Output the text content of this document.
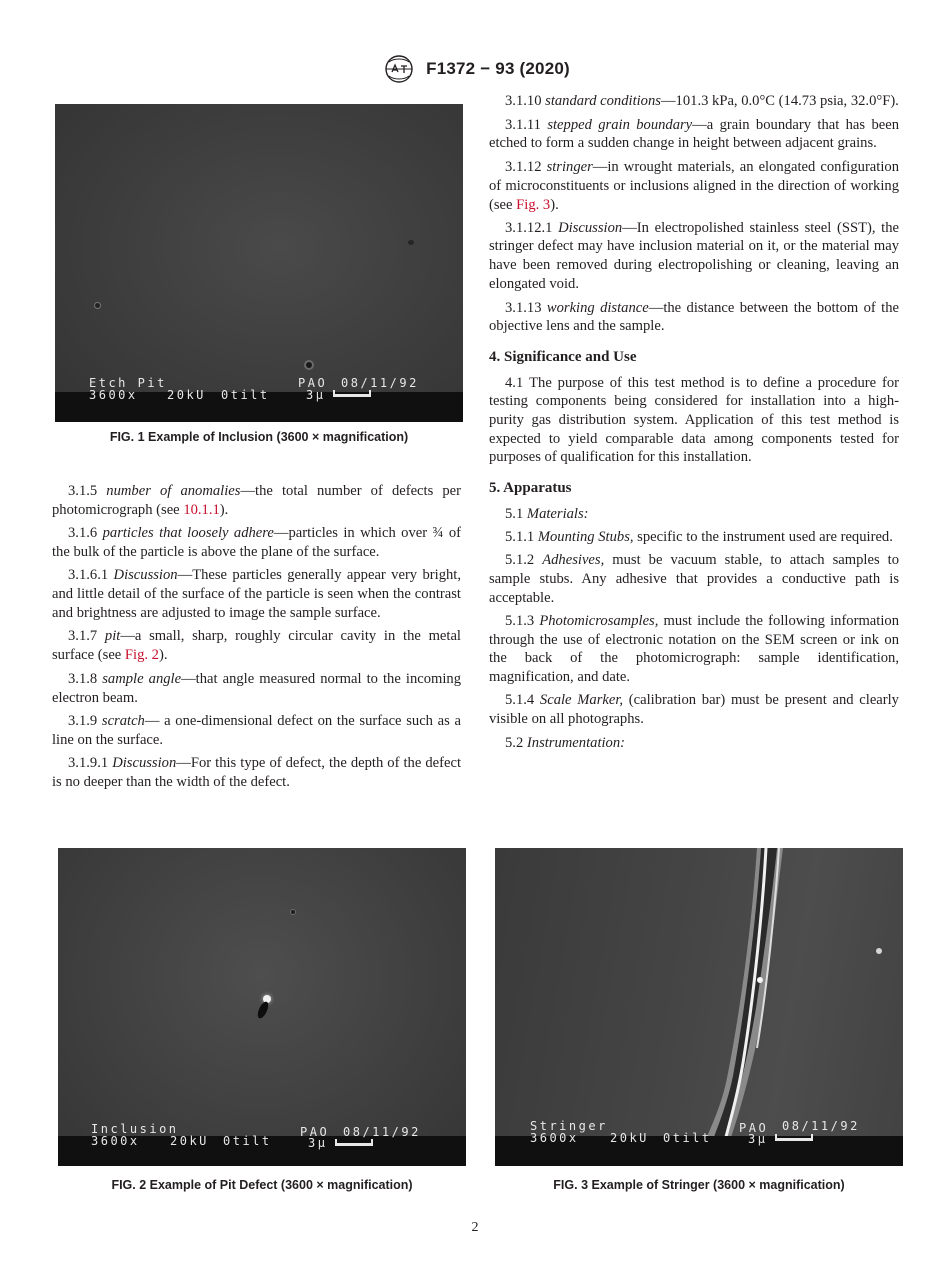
F1372 − 93 (2020)
Etch Pit
3600x 20kU 0tilt
PAO 08/11/92
3μ
FIG. 1 Example of Inclusion (3600 × magnification)

3.1.5 number of anomalies—the total number of defects per photomicrograph (see 10.1.1).

3.1.6 particles that loosely adhere—particles in which over ¾ of the bulk of the particle is above the plane of the surface.

3.1.6.1 Discussion—These particles generally appear very bright, and little detail of the surface of the particle is seen when the contrast and brightness are adjusted to image the sample surface.

3.1.7 pit—a small, sharp, roughly circular cavity in the metal surface (see Fig. 2).

3.1.8 sample angle—that angle measured normal to the incoming electron beam.

3.1.9 scratch— a one-dimensional defect on the surface such as a line on the surface.

3.1.9.1 Discussion—For this type of defect, the depth of the defect is no deeper than the width of the defect.

3.1.10 standard conditions—101.3 kPa, 0.0°C (14.73 psia, 32.0°F).

3.1.11 stepped grain boundary—a grain boundary that has been etched to form a sudden change in height between adjacent grains.

3.1.12 stringer—in wrought materials, an elongated configuration of microconstituents or inclusions aligned in the direction of working (see Fig. 3).

3.1.12.1 Discussion—In electropolished stainless steel (SST), the stringer defect may have inclusion material on it, or the material may have been removed during electropolishing or cleaning, leaving an elongated void.

3.1.13 working distance—the distance between the bottom of the objective lens and the sample.

4. Significance and Use

4.1 The purpose of this test method is to define a procedure for testing components being considered for installation into a high-purity gas distribution system. Application of this test method is expected to yield comparable data among components tested for purposes of qualification for this installation.

5. Apparatus

5.1 Materials:

5.1.1 Mounting Stubs, specific to the instrument used are required.

5.1.2 Adhesives, must be vacuum stable, to attach samples to sample stubs. Any adhesive that provides a conductive path is acceptable.

5.1.3 Photomicrosamples, must include the following information through the use of electronic notation on the SEM screen or ink on the back of the photomicrograph: sample identification, magnification, and date.

5.1.4 Scale Marker, (calibration bar) must be present and clearly visible on all photographs.

5.2 Instrumentation:

Inclusion
3600x	20kU 0tilt
PAO 08/11/92
3μ
FIG. 2 Example of Pit Defect (3600 × magnification)
Stringer
3600x	20kU 0tilt
PAO 08/11/92
3μ
FIG. 3 Example of Stringer (3600 × magnification)
2
